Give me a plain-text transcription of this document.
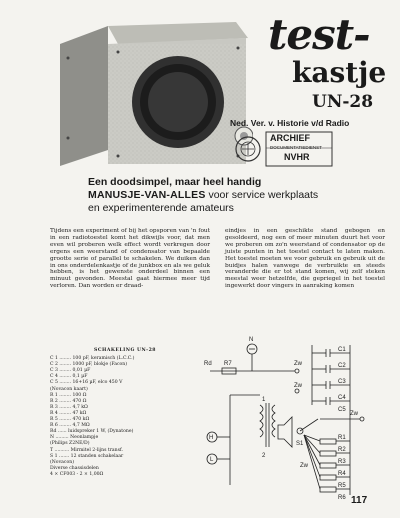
test-
kastje
UN-28
Ned. Ver. v. Historie v/d Radio
ARCHIEF
DOCUMENTATIEDIENST
NVHR
Een doodsimpel, maar heel handig
MANUSJE-VAN-ALLES voor service werkplaats
en experimenterende amateurs
Tijdens een experiment of bij het opsporen van 'n fout in een radiotoestel komt het dikwijls voor, dat men even wil proberen welk effect wordt verkregen door ergens een weerstand of condensator van bepaalde grootte serie of parallel te schakelen. We duiken dan in ons onderdelenkastje of de junkbox en als we geluk hebben, is het gewenste onderdeel binnen een minuut gevonden. Meestal gaat hiermee meer tijd verloren. Dan worden er draad-
eindjes in een geschikte stand gebogen en gesoldeerd, nog een of meer minuten duurt het voor we proberen om zo'n weerstand of condensator op de juiste punten in het toestel contact te laten maken. Het toestel moeten we voor gebruik en gebruik uit de buidjes halen vanwege de verbruikte en steeds veranderde die er tot stand komen, wij zelf steken meestal weer hetzelfde, die gepriegel in het toestel ingewerkt door vingers in aanraking komen
SCHAKELING UN-28
C 1 ........ 100 pF, keramisch (L.C.C.)
C 2 ........ 1000 pF, blokje (Facon)
C 3 ........ 0,01 µF
C 4 ........ 0,1 µF
C 5 ........ 16+16 µF, elco 450 V
(Novacon kaart)
R 1 ........ 100 Ω
R 2 ........ 470 Ω
R 3 ........ 4,7 kΩ
R 4 ........ 47 kΩ
R 5 ........ 470 kΩ
R 6 ........ 4,7 MΩ
Rd ...... luidspreker 1 W, (Dynatone)
N ......... Neonlampje
(Philips Z2NE/D)
T .......... Mirmitel 2-lijns transf.
S 1 ....... 12 standen schakelaar
(Novacon)
Diverse chassisdelen
4 × CF003 - 2 × 1,00Ω
N
Rd R7	Zw
1
2
Zw
H
L
S1
C1
C2
C3
C4
C5
R1
R2
R3
R4
R5
R6
Zw
Zw
117
